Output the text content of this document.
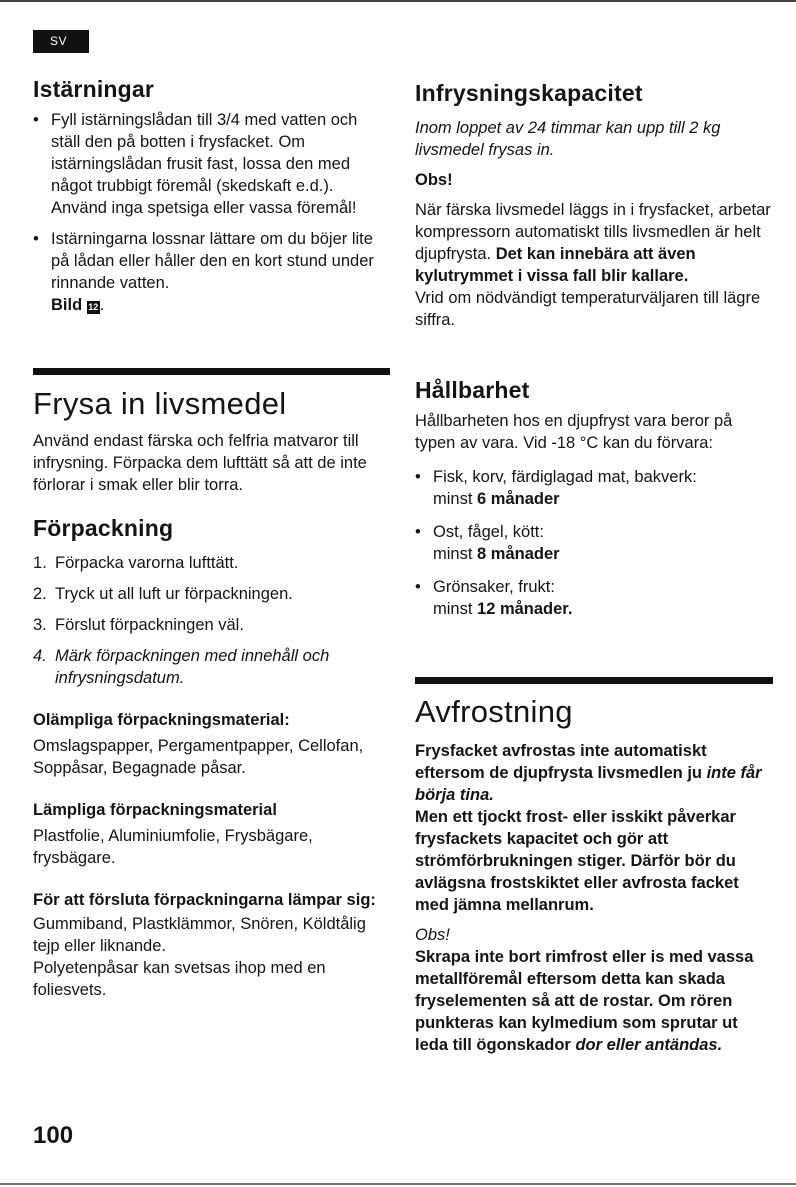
SV
Istärningar
• Fyll istärningslådan till 3/4 med vatten och ställ den på botten i frysfacket. Om istärningslådan frusit fast, lossa den med något trubbigt föremål (skedskaft e.d.). Använd inga spetsiga eller vassa föremål!
• Istärningarna lossnar lättare om du böjer lite på lådan eller håller den en kort stund under rinnande vatten.
Bild 12.
Frysa in livsmedel

Använd endast färska och felfria matvaror till infrysning. Förpacka dem lufttätt så att de inte förlorar i smak eller blir torra.

Förpackning
1. Förpacka varorna lufttätt.
2. Tryck ut all luft ur förpackningen.
3. Förslut förpackningen väl.
4. Märk förpackningen med innehåll och infrysningsdatum.

Olämpliga förpackningsmaterial:

Omslagspapper, Pergamentpapper, Cellofan, Soppåsar, Begagnade påsar.

Lämpliga förpackningsmaterial

Plastfolie, Aluminiumfolie, Frysbägare, frysbägare.

För att försluta förpackningarna lämpar sig:

Gummiband, Plastklämmor, Snören, Köldtålig tejp eller liknande.

Polyetenpåsar kan svetsas ihop med en foliesvets.

Infrysningskapacitet

Inom loppet av 24 timmar kan upp till 2 kg livsmedel frysas in.

Obs!

När färska livsmedel läggs in i frysfacket, arbetar kompressorn automatiskt tills livsmedlen är helt djupfrysta. Det kan innebära att även kylutrymmet i vissa fall blir kallare.

Vrid om nödvändigt temperaturväljaren till lägre siffra.

Hållbarhet

Hållbarheten hos en djupfryst vara beror på typen av vara. Vid -18 °C kan du förvara:

• Fisk, korv, färdiglagad mat, bakverk:
minst 6 månader
• Ost, fågel, kött:
minst 8 månader
• Grönsaker, frukt:
minst 12 månader.
Avfrostning

Frysfacket avfrostas inte automatiskt eftersom de djupfrysta livsmedlen ju inte får börja tina.

Men ett tjockt frost- eller isskikt påverkar frysfackets kapacitet och gör att strömförbrukningen stiger. Därför bör du avlägsna frostskiktet eller avfrosta facket med jämna mellanrum.

Obs!

Skrapa inte bort rimfrost eller is med vassa metallföremål eftersom detta kan skada fryselementen så att de rostar. Om rören punkteras kan kylmedium som sprutar ut leda till ögonskador dor eller antändas.

100
